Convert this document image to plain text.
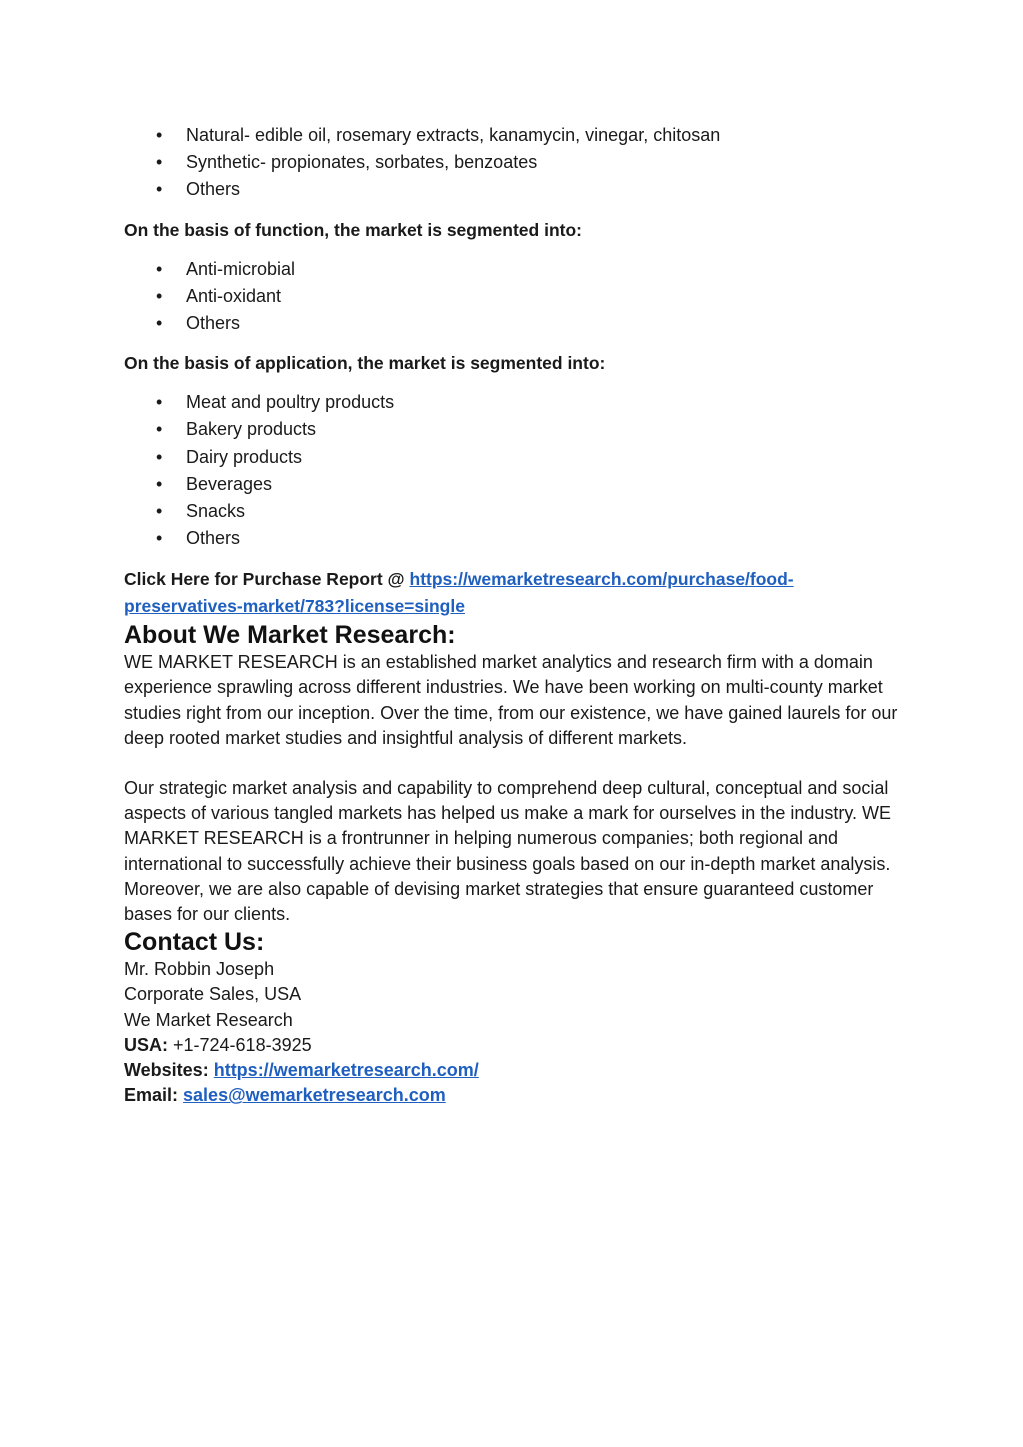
• Natural- edible oil, rosemary extracts, kanamycin, vinegar, chitosan
• Synthetic- propionates, sorbates, benzoates
• Others
On the basis of function, the market is segmented into:
• Anti-microbial
• Anti-oxidant
• Others
On the basis of application, the market is segmented into:
• Meat and poultry products
• Bakery products
• Dairy products
• Beverages
• Snacks
• Others
Click Here for Purchase Report @ https://wemarketresearch.com/purchase/food-preservatives-market/783?license=single
About We Market Research:

WE MARKET RESEARCH is an established market analytics and research firm with a domain experience sprawling across different industries. We have been working on multi-county market studies right from our inception. Over the time, from our existence, we have gained laurels for our deep rooted market studies and insightful analysis of different markets.

Our strategic market analysis and capability to comprehend deep cultural, conceptual and social aspects of various tangled markets has helped us make a mark for ourselves in the industry. WE MARKET RESEARCH is a frontrunner in helping numerous companies; both regional and international to successfully achieve their business goals based on our in-depth market analysis. Moreover, we are also capable of devising market strategies that ensure guaranteed customer bases for our clients.

Contact Us:
Mr. Robbin Joseph
Corporate Sales, USA
We Market Research
USA: +1-724-618-3925
Websites: https://wemarketresearch.com/
Email: sales@wemarketresearch.com
